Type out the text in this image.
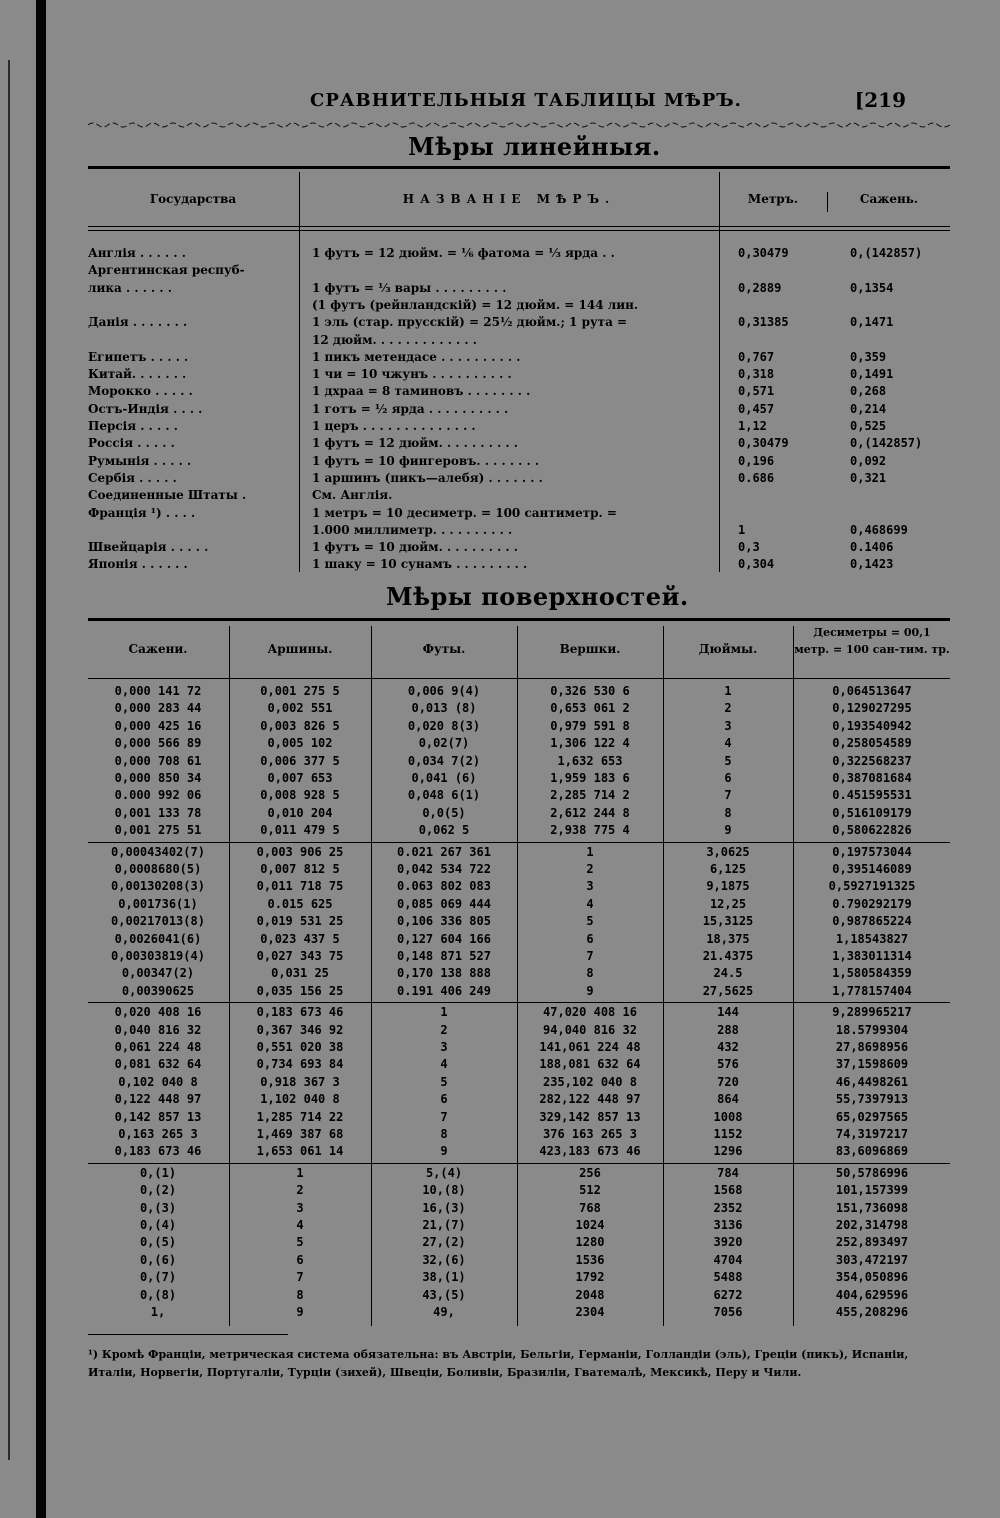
СРАВНИТЕЛЬНЫЯ ТАБЛИЦЫ МѢРЪ.	[219
Мѣры линейныя.
Государства	НАЗВАНІЕ МѢРЪ.	Метръ.	Сажень.
Англія . . . . . .	1 футъ = 12 дюйм. = ⅙ фатома = ⅓ ярда . .	0,30479	0,(142857)
Аргентинская респуб-
лика . . . . . .	1 футъ = ⅓ вары . . . . . . . . .	0,2889	0,1354
(1 футъ (рейнландскій) = 12 дюйм. = 144 лин.
Данія . . . . . . .	1 эль (стар. прусскій) = 25½ дюйм.; 1 рута =	0,31385	0,1471
12 дюйм. . . . . . . . . . . . .
Египетъ . . . . .	1 пикъ метендасе . . . . . . . . . .	0,767	0,359
Китай. . . . . . .	1 чи = 10 чжунъ . . . . . . . . . .	0,318	0,1491
Мороккo . . . . .	1 дхраа = 8 таминовъ . . . . . . . .	0,571	0,268
Остъ-Индія . . . .	1 готъ = ½ ярда . . . . . . . . . .	0,457	0,214
Персія . . . . .	1 церъ . . . . . . . . . . . . . .	1,12	0,525
Россія . . . . .	1 футъ = 12 дюйм. . . . . . . . . .	0,30479	0,(142857)
Румынія . . . . .	1 футъ = 10 фингеровъ. . . . . . . .	0,196	0,092
Сербія . . . . .	1 аршинъ (пикъ—алебя) . . . . . . .	0.686	0,321
Соединенные Штаты .	См. Англія.
Франція ¹) . . . .	1 метръ = 10 десиметр. = 100 сантиметр. =
1.000 миллиметр. . . . . . . . . .	1	0,468699
Швейцарія . . . . .	1 футъ = 10 дюйм. . . . . . . . . .	0,3	0.1406
Японія . . . . . .	1 шаку = 10 сунамъ . . . . . . . . .	0,304	0,1423
Мѣры поверхностей.
Сажени.	Аршины.	Футы.	Вершки.	Дюймы.
Десиметры = 00,1 метр. = 100 сан-тим. тр.
0,000 141 72	0,001 275 5	0,006 9(4)	0,326 530 6	1	0,064513647
0,000 283 44	0,002 551	0,013 (8)	0,653 061 2	2	0,129027295
0,000 425 16	0,003 826 5	0,020 8(3)	0,979 591 8	3	0,193540942
0,000 566 89	0,005 102	0,02(7)	1,306 122 4	4	0,258054589
0,000 708 61	0,006 377 5	0,034 7(2)	1,632 653	5	0,322568237
0,000 850 34	0,007 653	0,041 (6)	1,959 183 6	6	0,387081684
0.000 992 06	0,008 928 5	0,048 6(1)	2,285 714 2	7	0.451595531
0,001 133 78	0,010 204	0,0(5)	2,612 244 8	8	0,516109179
0,001 275 51	0,011 479 5	0,062 5	2,938 775 4	9	0,580622826
0,00043402(7)	0,003 906 25	0.021 267 361	1	3,0625	0,197573044
0,0008680(5)	0,007 812 5	0,042 534 722	2	6,125	0,395146089
0,00130208(3)	0,011 718 75	0.063 802 083	3	9,1875	0,5927191325
0,001736(1)	0.015 625	0,085 069 444	4	12,25	0.790292179
0,00217013(8)	0,019 531 25	0,106 336 805	5	15,3125	0,987865224
0,0026041(6)	0,023 437 5	0,127 604 166	6	18,375	1,18543827
0,00303819(4)	0,027 343 75	0,148 871 527	7	21.4375	1,383011314
0,00347(2)	0,031 25	0,170 138 888	8	24.5	1,580584359
0,00390625	0,035 156 25	0.191 406 249	9	27,5625	1,778157404
0,020 408 16	0,183 673 46	1	47,020 408 16	144	9,289965217
0,040 816 32	0,367 346 92	2	94,040 816 32	288	18.5799304
0,061 224 48	0,551 020 38	3	141,061 224 48	432	27,8698956
0,081 632 64	0,734 693 84	4	188,081 632 64	576	37,1598609
0,102 040 8	0,918 367 3	5	235,102 040 8	720	46,4498261
0,122 448 97	1,102 040 8	6	282,122 448 97	864	55,7397913
0,142 857 13	1,285 714 22	7	329,142 857 13	1008	65,0297565
0,163 265 3	1,469 387 68	8	376 163 265 3	1152	74,3197217
0,183 673 46	1,653 061 14	9	423,183 673 46	1296	83,6096869
0,(1)	1	5,(4)	256	784	50,5786996
0,(2)	2	10,(8)	512	1568	101,157399
0,(3)	3	16,(3)	768	2352	151,736098
0,(4)	4	21,(7)	1024	3136	202,314798
0,(5)	5	27,(2)	1280	3920	252,893497
0,(6)	6	32,(6)	1536	4704	303,472197
0,(7)	7	38,(1)	1792	5488	354,050896
0,(8)	8	43,(5)	2048	6272	404,629596
1,	9	49,	2304	7056	455,208296
¹) Кромѣ Франціи, метрическая система обязательна: въ Австріи, Бельгіи, Германіи, Голландіи (эль), Греціи (пикъ), Испаніи, Италіи, Норвегіи, Португаліи, Турціи (зихей), Швеціи, Боливіи, Бразиліи, Гватемалѣ, Мексикѣ, Перу и Чили.
